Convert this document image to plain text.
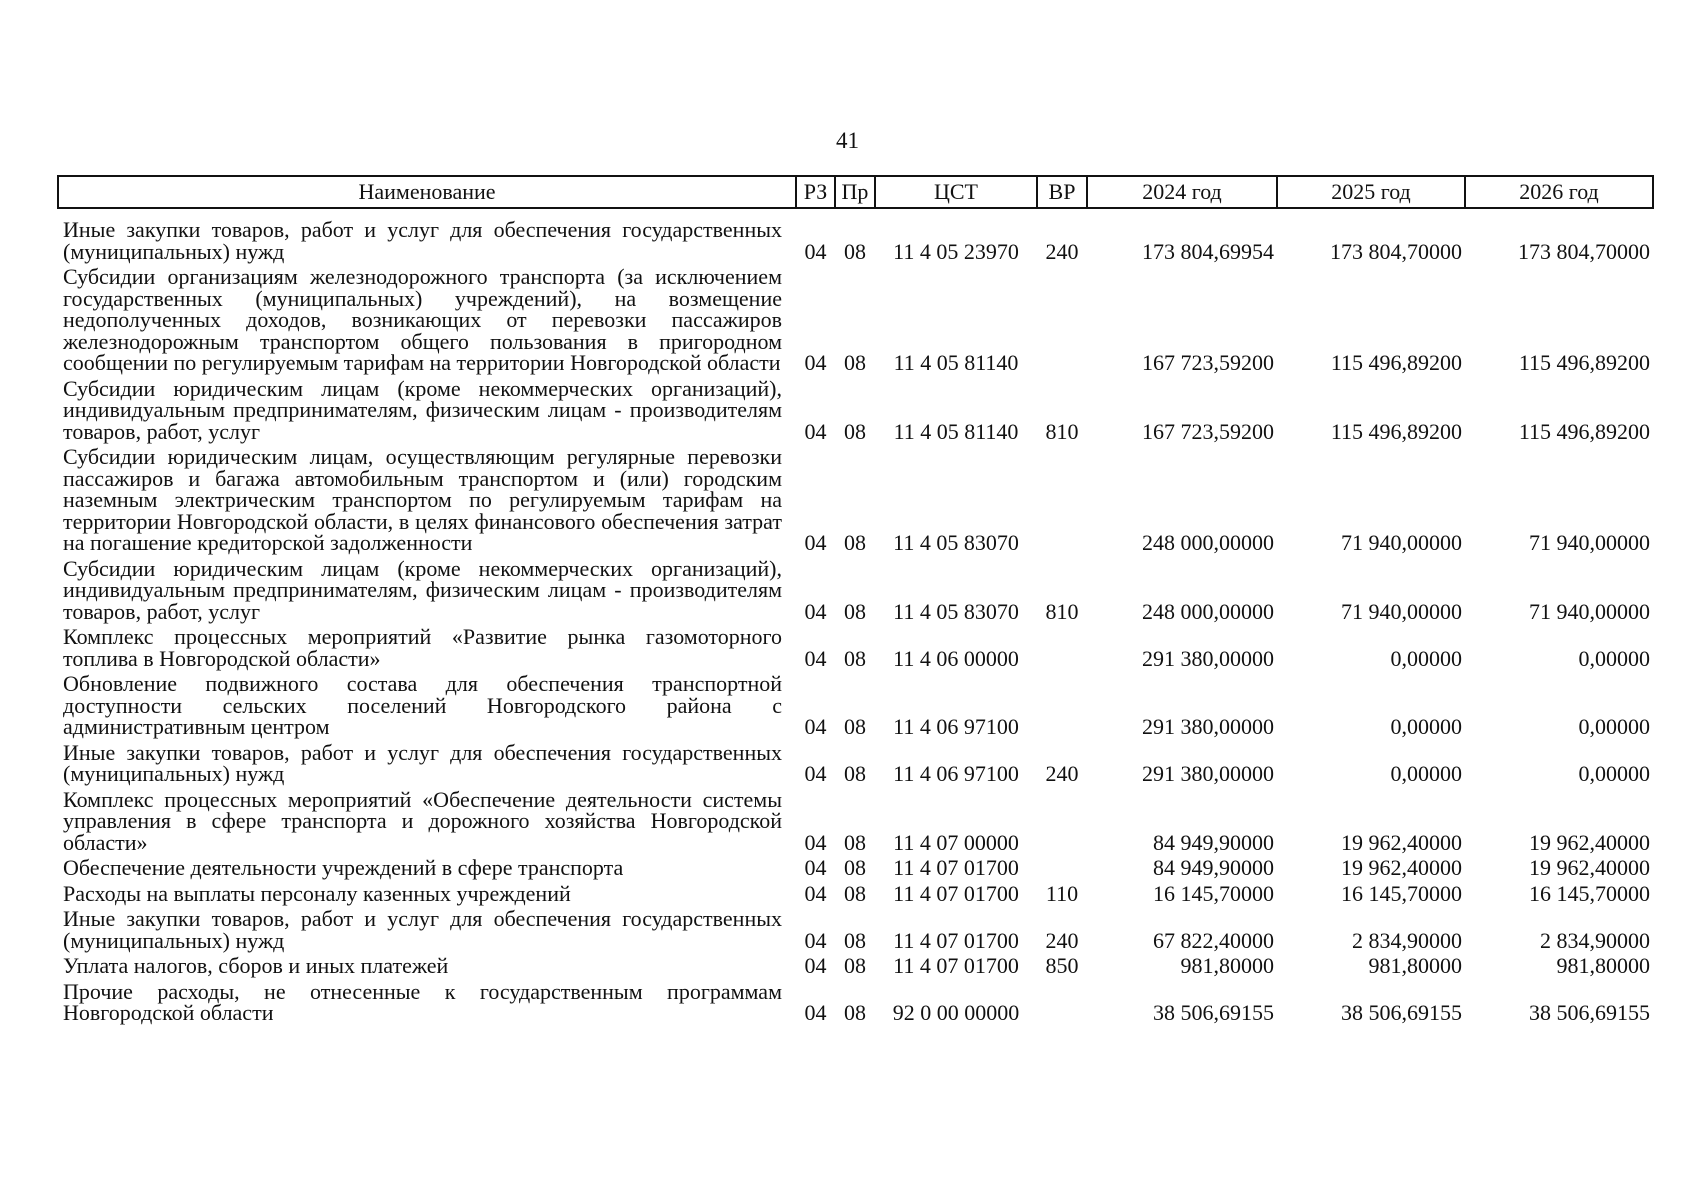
41
Наименование	РЗ	Пр	ЦСТ	ВР	2024 год	2025 год	2026 год
Иные закупки товаров, работ и услуг для обеспечения государственных (муниципальных) нужд	04	08	11 4 05 23970	240	173 804,69954	173 804,70000	173 804,70000
Субсидии организациям железнодорожного транспорта (за исключением государственных (муниципальных) учреждений), на возмещение недополученных доходов, возникающих от перевозки пассажиров железнодорожным транспортом общего пользования в пригородном сообщении по регулируемым тарифам на территории Новгородской области	04	08	11 4 05 81140		167 723,59200	115 496,89200	115 496,89200
Субсидии юридическим лицам (кроме некоммерческих организаций), индивидуальным предпринимателям, физическим лицам - производителям товаров, работ, услуг	04	08	11 4 05 81140	810	167 723,59200	115 496,89200	115 496,89200
Субсидии юридическим лицам, осуществляющим регулярные перевозки пассажиров и багажа автомобильным транспортом и (или) городским наземным электрическим транспортом по регулируемым тарифам на территории Новгородской области, в целях финансового обеспечения затрат на погашение кредиторской задолженности	04	08	11 4 05 83070		248 000,00000	71 940,00000	71 940,00000
Субсидии юридическим лицам (кроме некоммерческих организаций), индивидуальным предпринимателям, физическим лицам - производителям товаров, работ, услуг	04	08	11 4 05 83070	810	248 000,00000	71 940,00000	71 940,00000
Комплекс процессных мероприятий «Развитие рынка газомоторного топлива в Новгородской области»	04	08	11 4 06 00000		291 380,00000	0,00000	0,00000
Обновление подвижного состава для обеспечения транспортной доступности сельских поселений Новгородского района с административным центром	04	08	11 4 06 97100		291 380,00000	0,00000	0,00000
Иные закупки товаров, работ и услуг для обеспечения государственных (муниципальных) нужд	04	08	11 4 06 97100	240	291 380,00000	0,00000	0,00000
Комплекс процессных мероприятий «Обеспечение деятельности системы управления в сфере транспорта и дорожного хозяйства Новгородской области»	04	08	11 4 07 00000		84 949,90000	19 962,40000	19 962,40000
Обеспечение деятельности учреждений в сфере транспорта	04	08	11 4 07 01700		84 949,90000	19 962,40000	19 962,40000
Расходы на выплаты персоналу казенных учреждений	04	08	11 4 07 01700	110	16 145,70000	16 145,70000	16 145,70000
Иные закупки товаров, работ и услуг для обеспечения государственных (муниципальных) нужд	04	08	11 4 07 01700	240	67 822,40000	2 834,90000	2 834,90000
Уплата налогов, сборов и иных платежей	04	08	11 4 07 01700	850	981,80000	981,80000	981,80000
Прочие расходы, не отнесенные к государственным программам Новгородской области	04	08	92 0 00 00000		38 506,69155	38 506,69155	38 506,69155
